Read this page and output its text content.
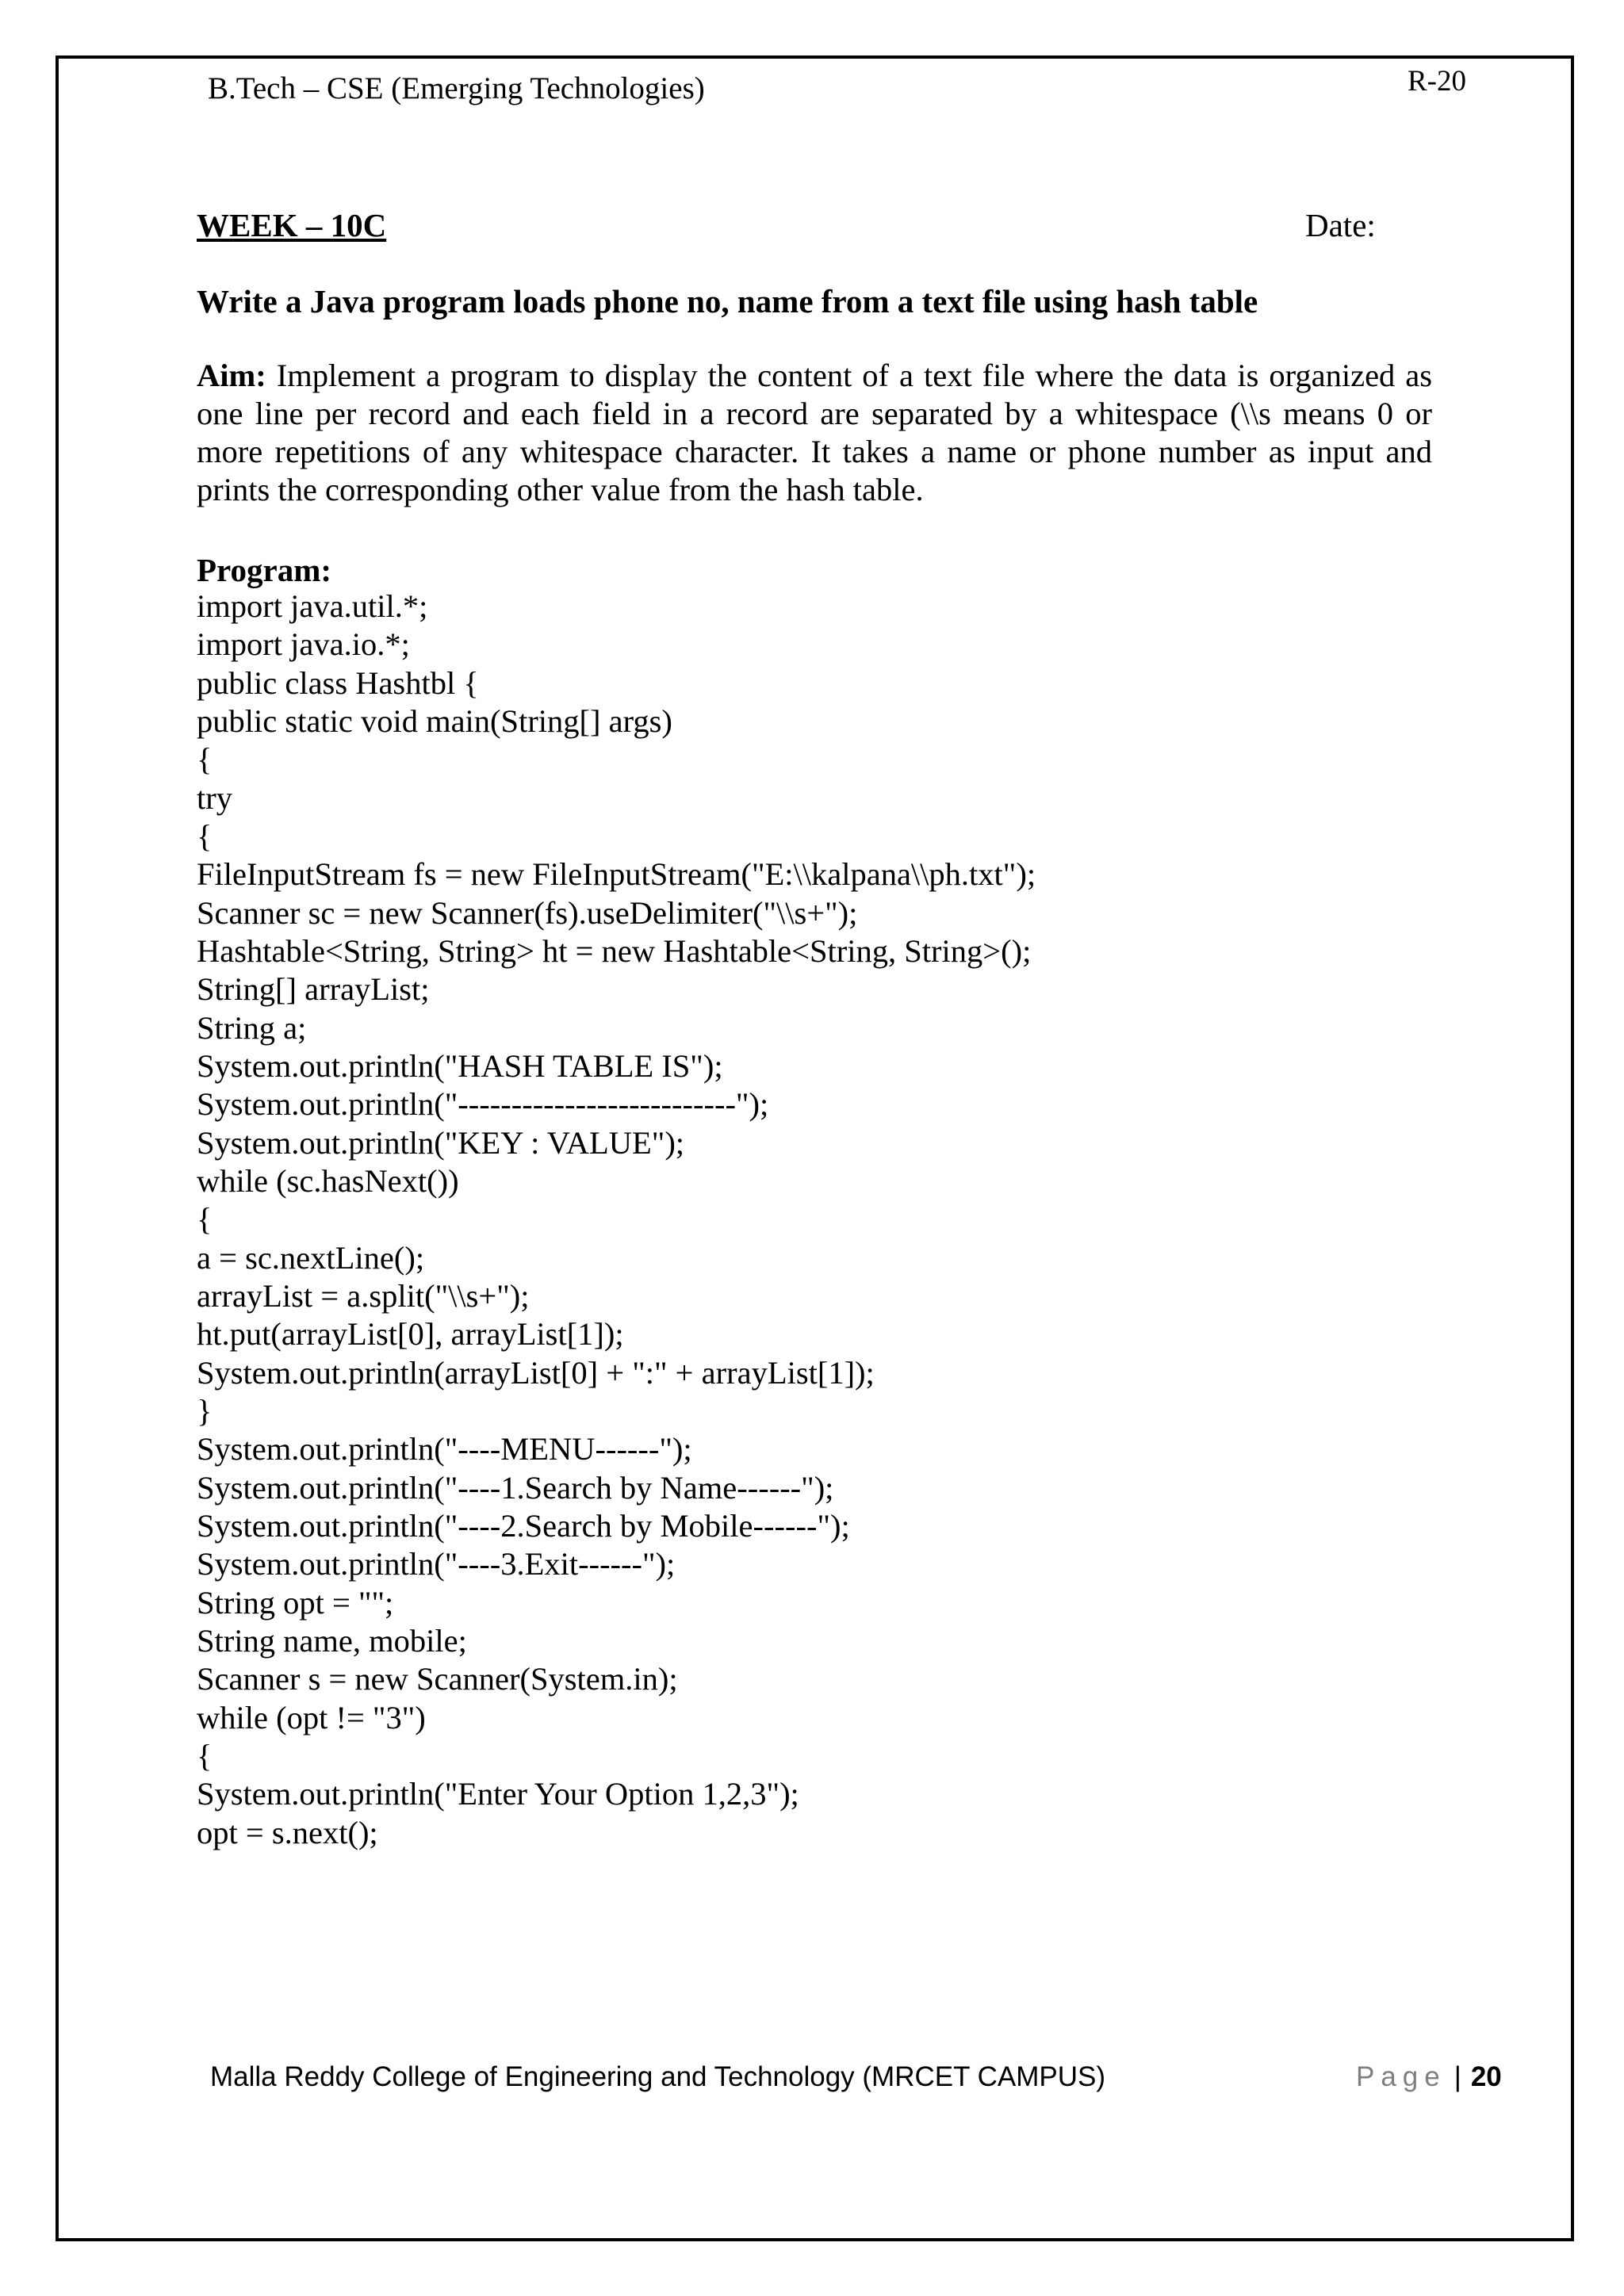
B.Tech – CSE (Emerging Technologies)	R-20
WEEK – 10C	Date:
Write a Java program loads phone no, name from a text file using hash table
Aim: Implement a program to display the content of a text file where the data is organized as
one line per record and each field in a record are separated by a whitespace (\\s means 0 or
more repetitions of any whitespace character. It takes a name or phone number as input and
prints the corresponding other value from the hash table.
Program:
import java.util.*;
import java.io.*;
public class Hashtbl {
public static void main(String[] args)
{
try
{
FileInputStream fs = new FileInputStream("E:\\kalpana\\ph.txt");
Scanner sc = new Scanner(fs).useDelimiter("\\s+");
Hashtable<String, String> ht = new Hashtable<String, String>();
String[] arrayList;
String a;
System.out.println("HASH TABLE IS");
System.out.println("--------------------------");
System.out.println("KEY : VALUE");
while (sc.hasNext())
{
a = sc.nextLine();
arrayList = a.split("\\s+");
ht.put(arrayList[0], arrayList[1]);
System.out.println(arrayList[0] + ":" + arrayList[1]);
}
System.out.println("----MENU------");
System.out.println("----1.Search by Name------");
System.out.println("----2.Search by Mobile------");
System.out.println("----3.Exit------");
String opt = "";
String name, mobile;
Scanner s = new Scanner(System.in);
while (opt != "3")
{
System.out.println("Enter Your Option 1,2,3");
opt = s.next();
Malla Reddy College of Engineering and Technology (MRCET CAMPUS)	Page | 20
